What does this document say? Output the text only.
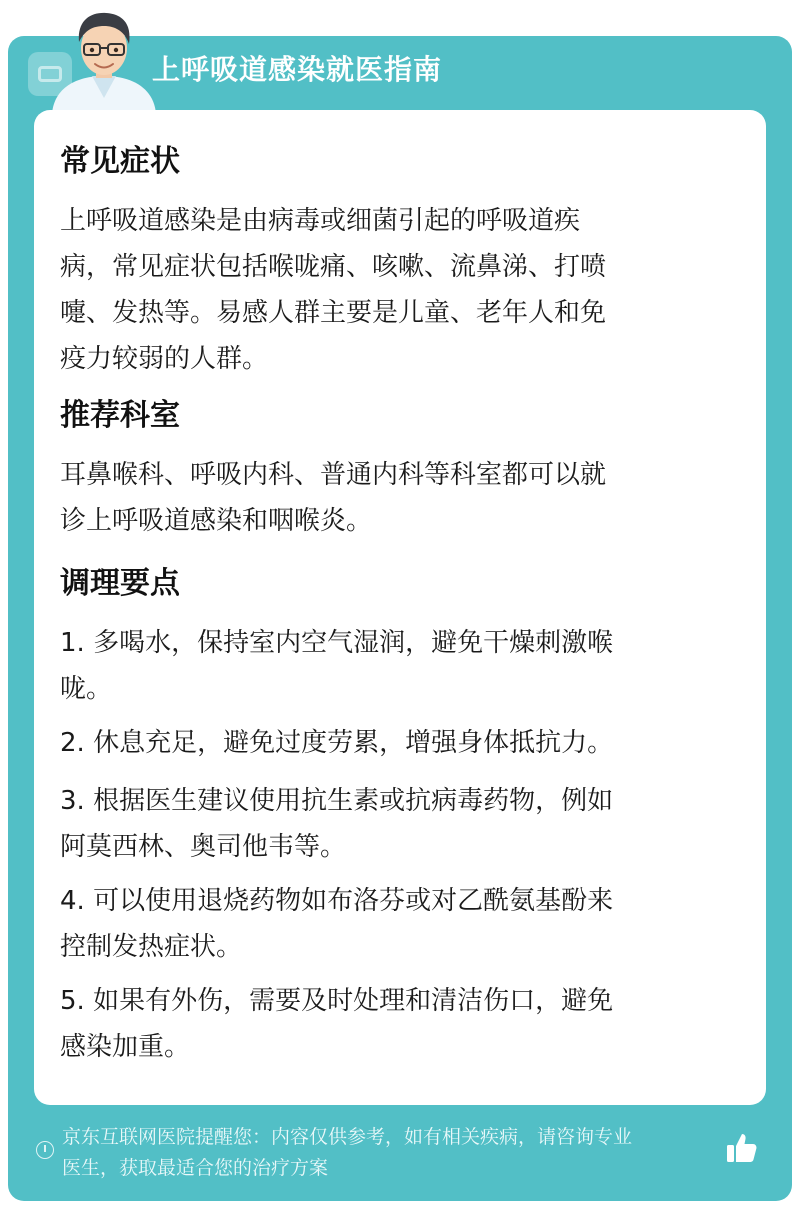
上呼吸道感染就医指南
常见症状
上呼吸道感染是由病毒或细菌引起的呼吸道疾
病，常见症状包括喉咙痛、咳嗽、流鼻涕、打喷
嚏、发热等。易感人群主要是儿童、老年人和免
疫力较弱的人群。
推荐科室
耳鼻喉科、呼吸内科、普通内科等科室都可以就
诊上呼吸道感染和咽喉炎。
调理要点
1. 多喝水，保持室内空气湿润，避免干燥刺激喉
咙。
2. 休息充足，避免过度劳累，增强身体抵抗力。
3. 根据医生建议使用抗生素或抗病毒药物，例如
阿莫西林、奥司他韦等。
4. 可以使用退烧药物如布洛芬或对乙酰氨基酚来
控制发热症状。
5. 如果有外伤，需要及时处理和清洁伤口，避免
感染加重。
京东互联网医院提醒您：内容仅供参考，如有相关疾病，请咨询专业
医生，获取最适合您的治疗方案
